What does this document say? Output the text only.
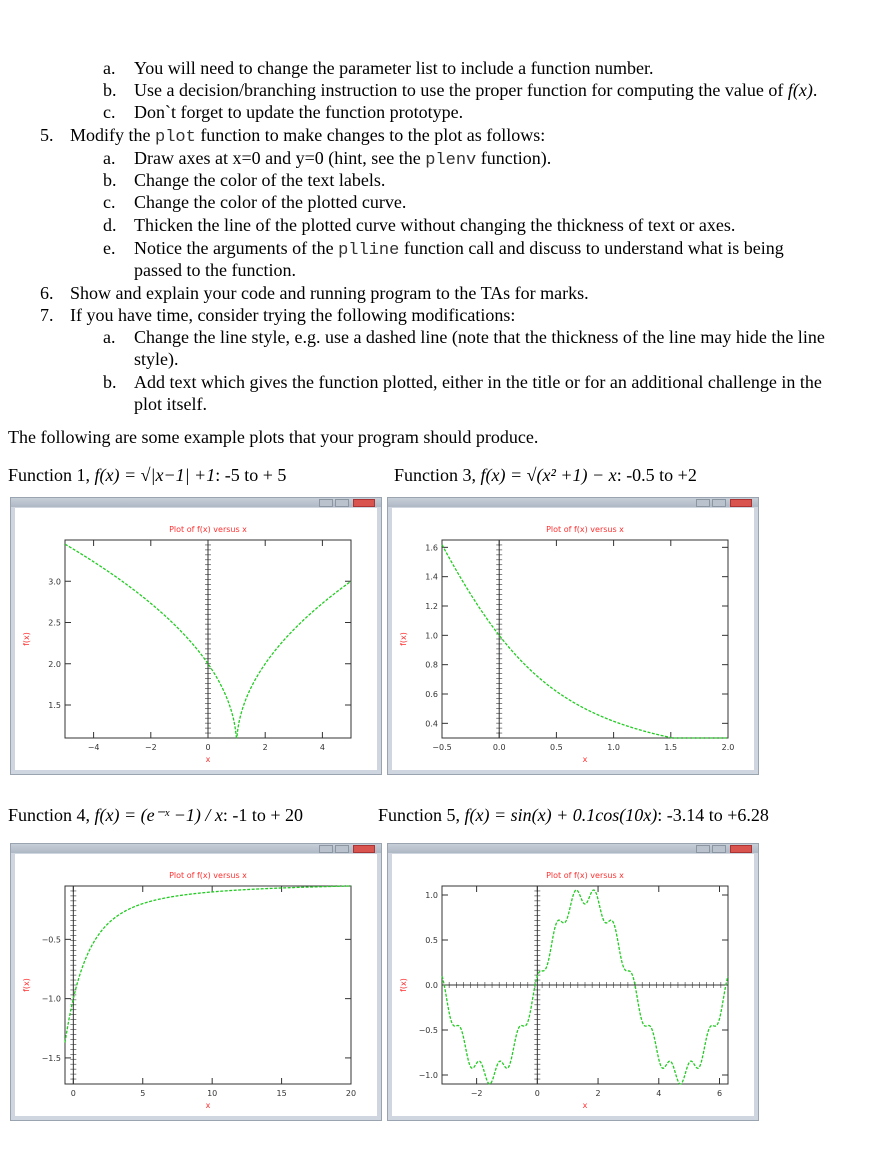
a. You will need to change the parameter list to include a function number.
b. Use a decision/branching instruction to use the proper function for computing the value of f(x).
c. Don`t forget to update the function prototype.
5. Modify the plot function to make changes to the plot as follows:
a. Draw axes at x=0 and y=0 (hint, see the plenv function).
b. Change the color of the text labels.
c. Change the color of the plotted curve.
d. Thicken the line of the plotted curve without changing the thickness of text or axes.
e. Notice the arguments of the plline function call and discuss to understand what is being
passed to the function.
6. Show and explain your code and running program to the TAs for marks.
7. If you have time, consider trying the following modifications:
a. Change the line style, e.g. use a dashed line (note that the thickness of the line may hide the line
style).
b. Add text which gives the function plotted, either in the title or for an additional challenge in the
plot itself.
The following are some example plots that your program should produce.
Function 1, f(x) = √|x−1| +1: -5 to + 5	Function 3, f(x) = √(x² +1) − x: -0.5 to +2
Function 4, f(x) = (e⁻ˣ −1) / x: -1 to + 20	Function 5, f(x) = sin(x) + 0.1cos(10x): -3.14 to +6.28
−4	−2	0	2	4
1.5
2.0
2.5
3.0
Plot of f(x) versus x
x
f(x)
−0.5	0.0	0.5	1.0	1.5	2.0
0.4
0.6
0.8
1.0
1.2
1.4
1.6
Plot of f(x) versus x
x
f(x)
0	5	10	15	20
−1.5
−1.0
−0.5
Plot of f(x) versus x
x
f(x)
−2	0	2	4	6
−1.0
−0.5
0.0
0.5
1.0
Plot of f(x) versus x
x
f(x)
